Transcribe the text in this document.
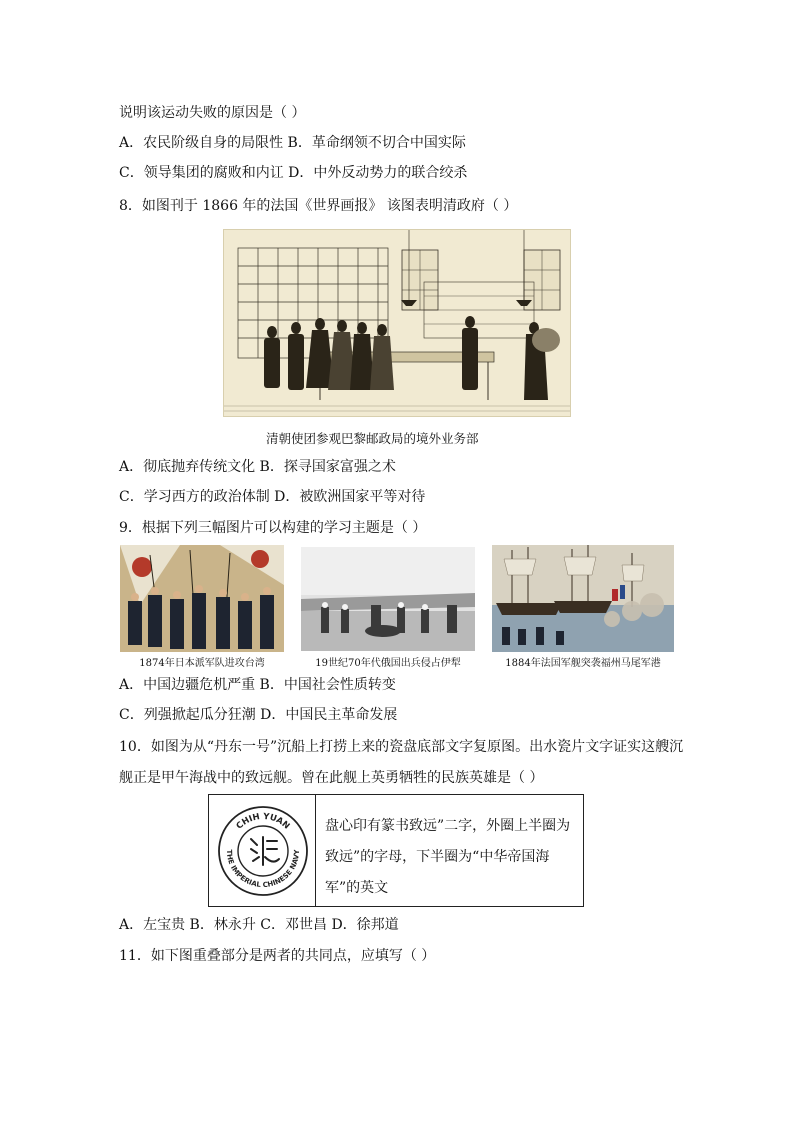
说明该运动失败的原因是（ ）
A．农民阶级自身的局限性 B．革命纲领不切合中国实际
C．领导集团的腐败和内讧 D．中外反动势力的联合绞杀
8．如图刊于 1866 年的法国《世界画报》 该图表明清政府（ ）
清朝使团参观巴黎邮政局的境外业务部
A．彻底抛弃传统文化 B．探寻国家富强之术
C．学习西方的政治体制 D．被欧洲国家平等对待
9．根据下列三幅图片可以构建的学习主题是（ ）
1874年日本派军队进攻台湾	19世纪70年代俄国出兵侵占伊犁	1884年法国军舰突袭福州马尾军港
A．中国边疆危机严重 B．中国社会性质转变
C．列强掀起瓜分狂潮 D．中国民主革命发展
10．如图为从“丹东一号”沉船上打捞上来的瓷盘底部文字复原图。出水瓷片文字证实这艘沉
舰正是甲午海战中的致远舰。曾在此舰上英勇牺牲的民族英雄是（ ）
CHIH YUAN
THE IMPERIAL CHINESE NAVY
盘心印有篆书致远”二字，外圈上半圈为致远”的字母，下半圈为“中华帝国海军”的英文
A．左宝贵 B．林永升 C．邓世昌 D．徐邦道
11．如下图重叠部分是两者的共同点，应填写（ ）
